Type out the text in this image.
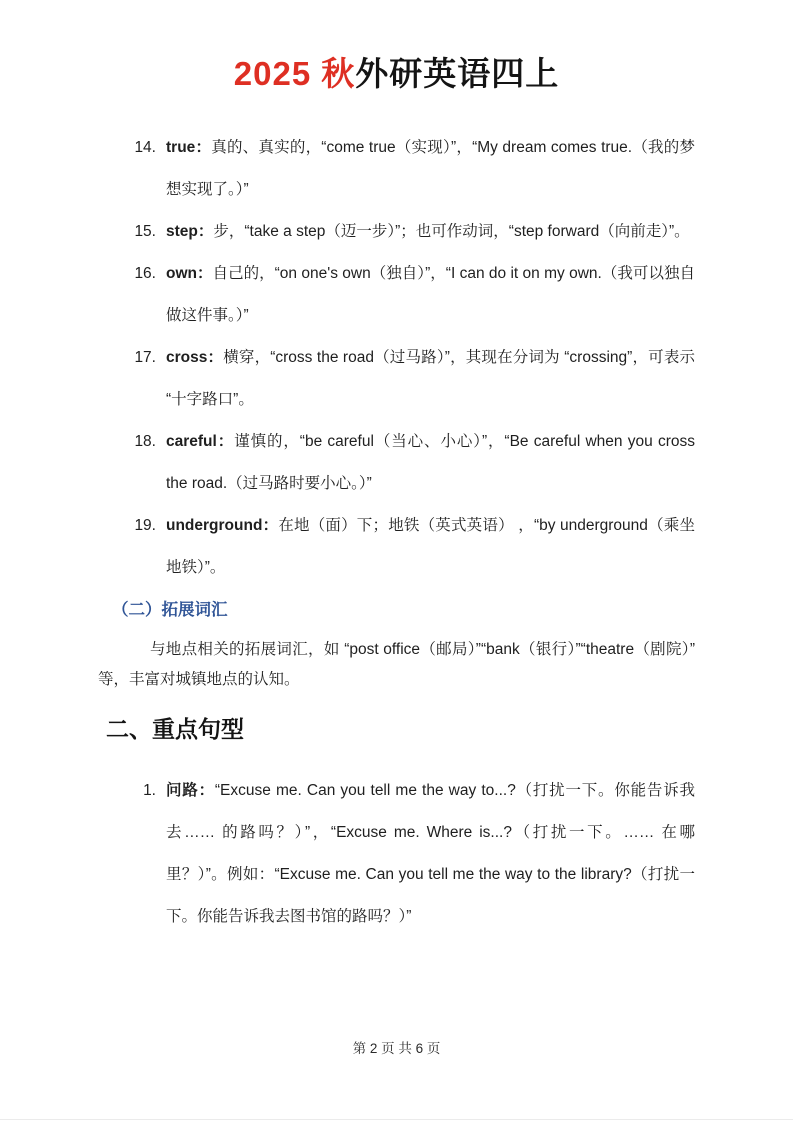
2025 秋外研英语四上
14. true：真的、真实的，“come true（实现）”，“My dream comes true.（我的梦想实现了。）”
15. step：步，“take a step（迈一步）”；也可作动词，“step forward（向前走）”。
16. own：自己的，“on one's own（独自）”，“I can do it on my own.（我可以独自做这件事。）”
17. cross：横穿，“cross the road（过马路）”，其现在分词为 “crossing”，可表示 “十字路口”。
18. careful：谨慎的，“be careful（当心、小心）”，“Be careful when you cross the road.（过马路时要小心。）”
19. underground：在地（面）下；地铁（英式英语） ，“by underground（乘坐地铁）”。
（二）拓展词汇

与地点相关的拓展词汇，如 “post office（邮局）”“bank（银行）”“theatre（剧院）” 等，丰富对城镇地点的认知。

二、重点句型
1. 问路：“Excuse me. Can you tell me the way to...?（打扰一下。你能告诉我去…… 的路吗？）”，“Excuse me. Where is...?（打扰一下。…… 在哪里？）”。例如：“Excuse me. Can you tell me the way to the library?（打扰一下。你能告诉我去图书馆的路吗？）”
第 2 页 共 6 页
